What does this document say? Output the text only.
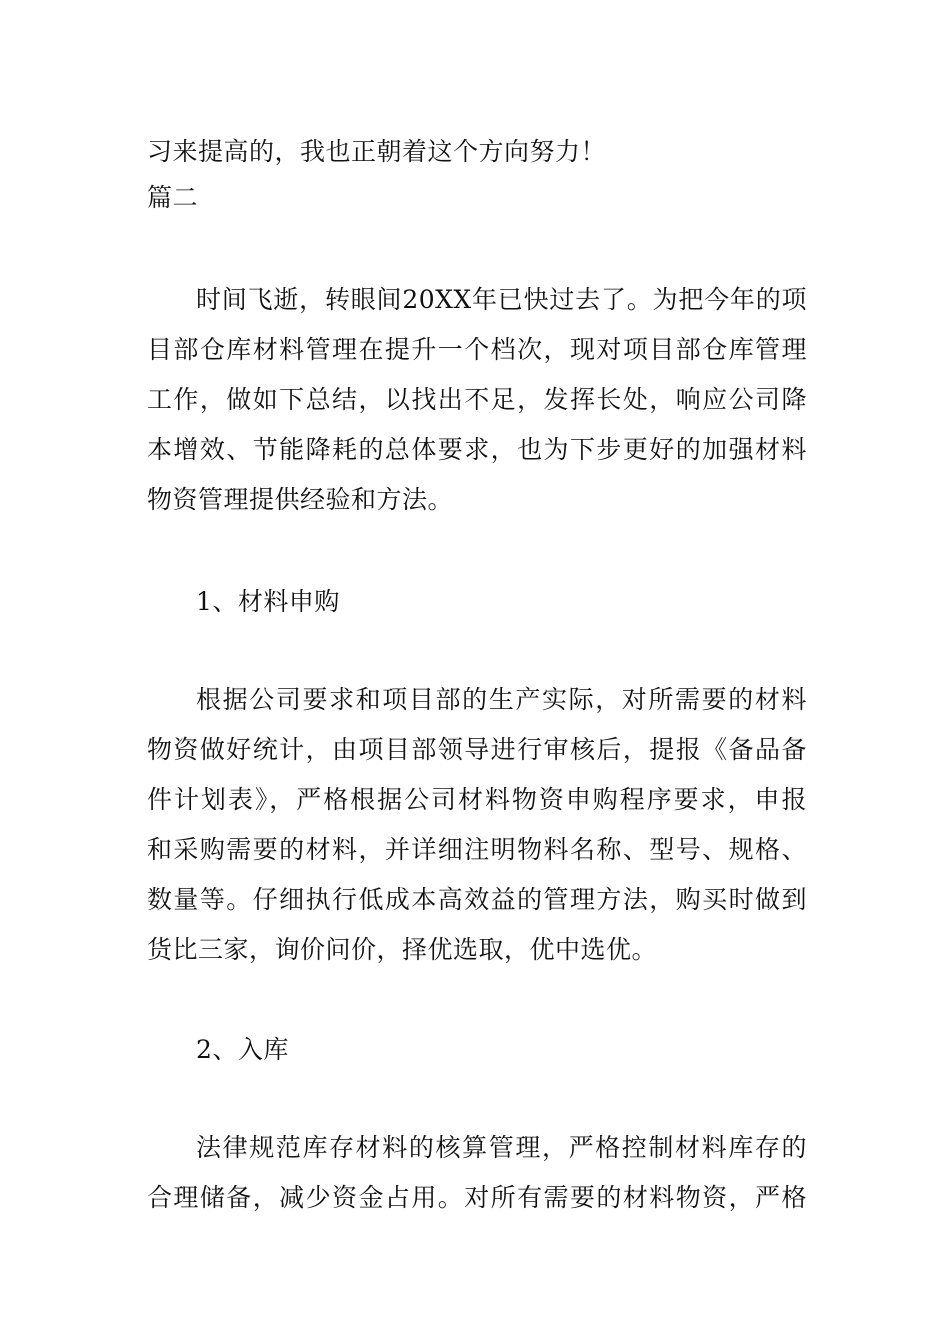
习来提高的，我也正朝着这个方向努力！
篇二
时间飞逝，转眼间20XX年已快过去了。为把今年的项
目部仓库材料管理在提升一个档次，现对项目部仓库管理
工作，做如下总结，以找出不足，发挥长处，响应公司降
本增效、节能降耗的总体要求，也为下步更好的加强材料
物资管理提供经验和方法。
1、材料申购
根据公司要求和项目部的生产实际，对所需要的材料
物资做好统计，由项目部领导进行审核后，提报《备品备
件计划表》，严格根据公司材料物资申购程序要求，申报
和采购需要的材料，并详细注明物料名称、型号、规格、
数量等。仔细执行低成本高效益的管理方法，购买时做到
货比三家，询价问价，择优选取，优中选优。
2、入库
法律规范库存材料的核算管理，严格控制材料库存的
合理储备，减少资金占用。对所有需要的材料物资，严格
